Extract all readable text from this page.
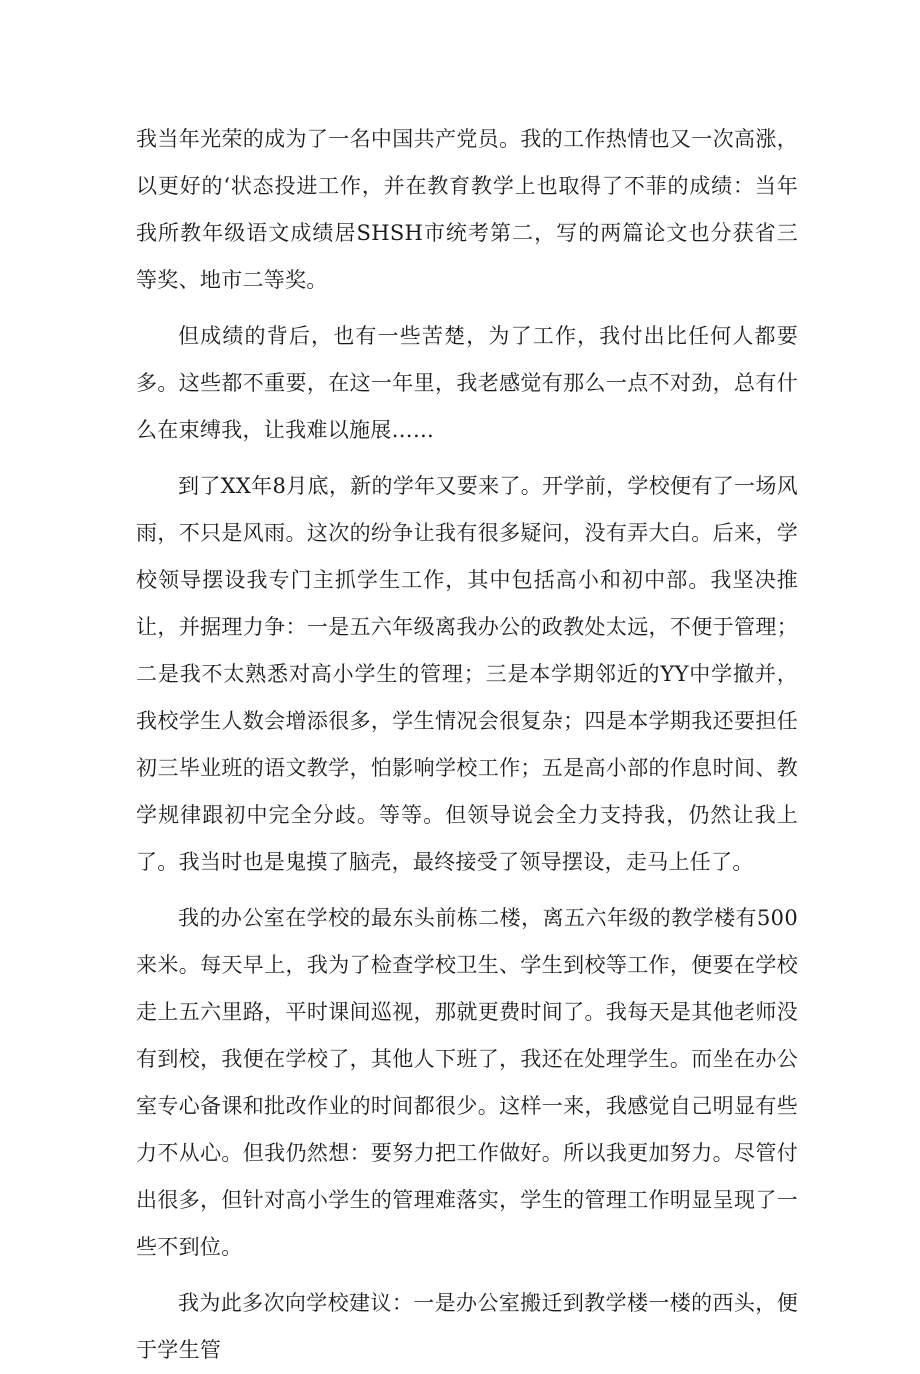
我当年光荣的成为了一名中国共产党员。我的工作热情也又一次高涨，以更好的‘状态投进工作，并在教育教学上也取得了不菲的成绩：当年我所教年级语文成绩居SHSH市统考第二，写的两篇论文也分获省三等奖、地市二等奖。

但成绩的背后，也有一些苦楚，为了工作，我付出比任何人都要多。这些都不重要，在这一年里，我老感觉有那么一点不对劲，总有什么在束缚我，让我难以施展……

到了XX年8月底，新的学年又要来了。开学前，学校便有了一场风雨，不只是风雨。这次的纷争让我有很多疑问，没有弄大白。后来，学校领导摆设我专门主抓学生工作，其中包括高小和初中部。我坚决推让，并据理力争：一是五六年级离我办公的政教处太远，不便于管理；二是我不太熟悉对高小学生的管理；三是本学期邻近的YY中学撤并，我校学生人数会增添很多，学生情况会很复杂；四是本学期我还要担任初三毕业班的语文教学，怕影响学校工作；五是高小部的作息时间、教学规律跟初中完全分歧。等等。但领导说会全力支持我，仍然让我上了。我当时也是鬼摸了脑壳，最终接受了领导摆设，走马上任了。

我的办公室在学校的最东头前栋二楼，离五六年级的教学楼有500来米。每天早上，我为了检查学校卫生、学生到校等工作，便要在学校走上五六里路，平时课间巡视，那就更费时间了。我每天是其他老师没有到校，我便在学校了，其他人下班了，我还在处理学生。而坐在办公室专心备课和批改作业的时间都很少。这样一来，我感觉自己明显有些力不从心。但我仍然想：要努力把工作做好。所以我更加努力。尽管付出很多，但针对高小学生的管理难落实，学生的管理工作明显呈现了一些不到位。

我为此多次向学校建议：一是办公室搬迁到教学楼一楼的西头，便于学生管
